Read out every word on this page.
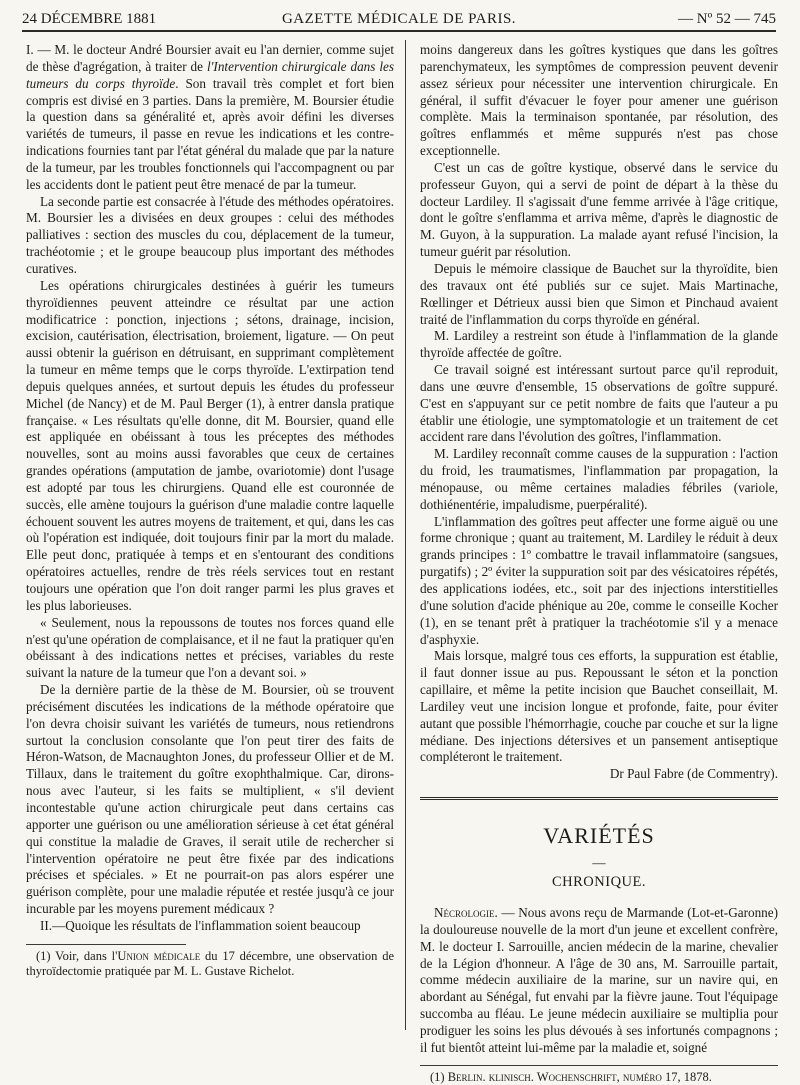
24 DÉCEMBRE 1881	GAZETTE MÉDICALE DE PARIS.	— Nº 52 — 745

I. — M. le docteur André Boursier avait eu l'an dernier, comme sujet de thèse d'agrégation, à traiter de l'Intervention chirurgicale dans les tumeurs du corps thyroïde. Son travail très complet et fort bien compris est divisé en 3 parties. Dans la première, M. Boursier étudie la question dans sa généralité et, après avoir défini les diverses variétés de tumeurs, il passe en revue les indications et les contre-indications fournies tant par l'état général du malade que par la nature de la tumeur, par les troubles fonctionnels qui l'accompagnent ou par les accidents dont le patient peut être menacé de par la tumeur.

La seconde partie est consacrée à l'étude des méthodes opératoires. M. Boursier les a divisées en deux groupes : celui des méthodes palliatives : section des muscles du cou, déplacement de la tumeur, trachéotomie ; et le groupe beaucoup plus important des méthodes curatives.

Les opérations chirurgicales destinées à guérir les tumeurs thyroïdiennes peuvent atteindre ce résultat par une action modificatrice : ponction, injections ; sétons, drainage, incision, excision, cautérisation, électrisation, broiement, ligature. — On peut aussi obtenir la guérison en détruisant, en supprimant complètement la tumeur en même temps que le corps thyroïde. L'extirpation tend depuis quelques années, et surtout depuis les études du professeur Michel (de Nancy) et de M. Paul Berger (1), à entrer dansla pratique française. « Les résultats qu'elle donne, dit M. Boursier, quand elle est appliquée en obéissant à tous les préceptes des méthodes nouvelles, sont au moins aussi favorables que ceux de certaines grandes opérations (amputation de jambe, ovariotomie) dont l'usage est adopté par tous les chirurgiens. Quand elle est couronnée de succès, elle amène toujours la guérison d'une maladie contre laquelle échouent souvent les autres moyens de traitement, et qui, dans les cas où l'opération est indiquée, doit toujours finir par la mort du malade. Elle peut donc, pratiquée à temps et en s'entourant des conditions opératoires actuelles, rendre de très réels services tout en restant toujours une opération que l'on doit ranger parmi les plus graves et les plus laborieuses.

« Seulement, nous la repoussons de toutes nos forces quand elle n'est qu'une opération de complaisance, et il ne faut la pratiquer qu'en obéissant à des indications nettes et précises, variables du reste suivant la nature de la tumeur que l'on a devant soi. »

De la dernière partie de la thèse de M. Boursier, où se trouvent précisément discutées les indications de la méthode opératoire que l'on devra choisir suivant les variétés de tumeurs, nous retiendrons surtout la conclusion consolante que l'on peut tirer des faits de Héron-Watson, de Macnaughton Jones, du professeur Ollier et de M. Tillaux, dans le traitement du goître exophthalmique. Car, dirons-nous avec l'auteur, si les faits se multiplient, « s'il devient incontestable qu'une action chirurgicale peut dans certains cas apporter une guérison ou une amélioration sérieuse à cet état général qui constitue la maladie de Graves, il serait utile de rechercher si l'intervention opératoire ne peut être fixée par des indications précises et spéciales. » Et ne pourrait-on pas alors espérer une guérison complète, pour une maladie réputée et restée jusqu'à ce jour incurable par les moyens purement médicaux ?

II.—Quoique les résultats de l'inflammation soient beaucoup

(1) Voir, dans l'Union médicale du 17 décembre, une observation de thyroïdectomie pratiquée par M. L. Gustave Richelot.

moins dangereux dans les goîtres kystiques que dans les goîtres parenchymateux, les symptômes de compression peuvent devenir assez sérieux pour nécessiter une intervention chirurgicale. En général, il suffit d'évacuer le foyer pour amener une guérison complète. Mais la terminaison spontanée, par résolution, des goîtres enflammés et même suppurés n'est pas chose exceptionnelle.

C'est un cas de goître kystique, observé dans le service du professeur Guyon, qui a servi de point de départ à la thèse du docteur Lardiley. Il s'agissait d'une femme arrivée à l'âge critique, dont le goître s'enflamma et arriva même, d'après le diagnostic de M. Guyon, à la suppuration. La malade ayant refusé l'incision, la tumeur guérit par résolution.

Depuis le mémoire classique de Bauchet sur la thyroïdite, bien des travaux ont été publiés sur ce sujet. Mais Martinache, Rœllinger et Détrieux aussi bien que Simon et Pinchaud avaient traité de l'inflammation du corps thyroïde en général.

M. Lardiley a restreint son étude à l'inflammation de la glande thyroïde affectée de goître.

Ce travail soigné est intéressant surtout parce qu'il reproduit, dans une œuvre d'ensemble, 15 observations de goître suppuré. C'est en s'appuyant sur ce petit nombre de faits que l'auteur a pu établir une étiologie, une symptomatologie et un traitement de cet accident rare dans l'évolution des goîtres, l'inflammation.

M. Lardiley reconnaît comme causes de la suppuration : l'action du froid, les traumatismes, l'inflammation par propagation, la ménopause, ou même certaines maladies fébriles (variole, dothiénentérie, impaludisme, puerpéralité).

L'inflammation des goîtres peut affecter une forme aiguë ou une forme chronique ; quant au traitement, M. Lardiley le réduit à deux grands principes : 1º combattre le travail inflammatoire (sangsues, purgatifs) ; 2º éviter la suppuration soit par des vésicatoires répétés, des applications iodées, etc., soit par des injections interstitielles d'une solution d'acide phénique au 20e, comme le conseille Kocher (1), en se tenant prêt à pratiquer la trachéotomie s'il y a menace d'asphyxie.

Mais lorsque, malgré tous ces efforts, la suppuration est établie, il faut donner issue au pus. Repoussant le séton et la ponction capillaire, et même la petite incision que Bauchet conseillait, M. Lardiley veut une incision longue et profonde, faite, pour éviter autant que possible l'hémorrhagie, couche par couche et sur la ligne médiane. Des injections détersives et un pansement antiseptique compléteront le traitement.

Dr Paul Fabre (de Commentry).

VARIÉTÉS
—
CHRONIQUE.

Nécrologie. — Nous avons reçu de Marmande (Lot-et-Garonne) la douloureuse nouvelle de la mort d'un jeune et excellent confrère, M. le docteur I. Sarrouille, ancien médecin de la marine, chevalier de la Légion d'honneur. A l'âge de 30 ans, M. Sarrouille partait, comme médecin auxiliaire de la marine, sur un navire qui, en abordant au Sénégal, fut envahi par la fièvre jaune. Tout l'équipage succomba au fléau. Le jeune médecin auxiliaire se multiplia pour prodiguer les soins les plus dévoués à ses infortunés compagnons ; il fut bientôt atteint lui-même par la maladie et, soigné

(1) Berlin. klinisch. Wochenschrift, numéro 17, 1878.
